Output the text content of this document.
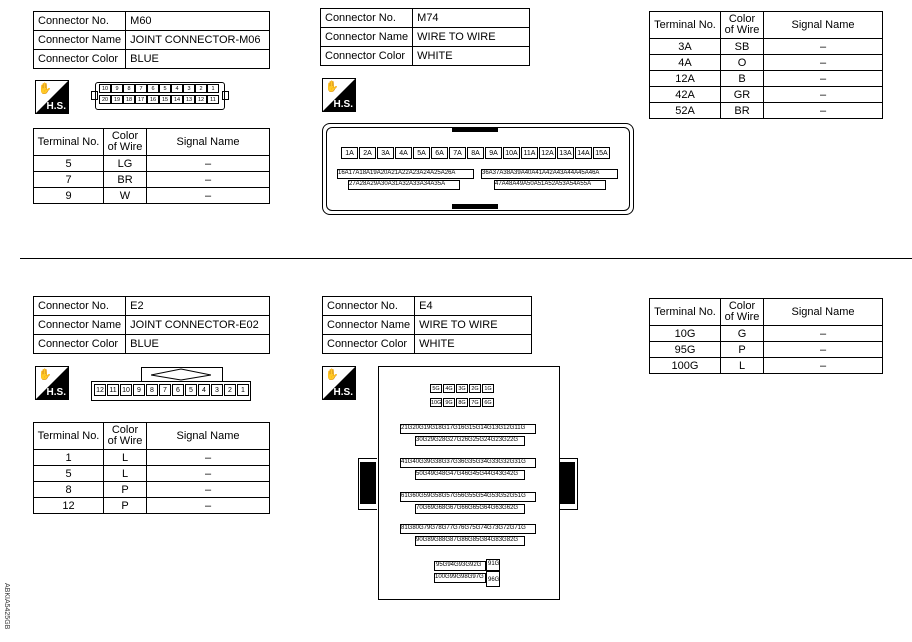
Connector No.	M60
Connector Name	JOINT CONNECTOR-M06
Connector Color	BLUE
✋
H.S.
10	9	8	7	6	5	4	3	2	1
20	19	18	17	16	15	14	13	12	11
Terminal No.	Color of Wire	Signal Name
5	LG	–
7	BR	–
9	W	–
Connector No.	M74
Connector Name	WIRE TO WIRE
Connector Color	WHITE
✋
H.S.
1A	2A	3A	4A	5A	6A	7A	8A	9A	10A 11A 12A 13A 14A 15A
16A17A18A19A20A21A22A23A24A25A26A	36A37A38A39A40A41A42A43A44A45A46A
27A28A29A30A31A32A33A34A35A	47A48A49A50A51A52A53A54A55A
Terminal No.	Color of Wire	Signal Name
3A	SB	–
4A	O	–
12A	B	–
42A	GR	–
52A	BR	–
Connector No.	E2
Connector Name	JOINT CONNECTOR-E02
Connector Color	BLUE
✋
H.S.	12 11 10	9	8	7	6	5	4	3	2	1
Terminal No.	Color of Wire	Signal Name
1	L	–
5	L	–
8	P	–
12	P	–
Connector No.	E4
Connector Name	WIRE TO WIRE
Connector Color	WHITE
✋
H.S.	5G	4G	3G	2G	1G
10G 9G	8G	7G	6G
21G20G19G18G17G16G15G14G13G12G11G
30G29G28G27G26G25G24G23G22G
41G40G39G38G37G36G35G34G33G32G31G
50G49G48G47G46G45G44G43G42G
61G60G59G58G57G56G55G54G53G52G51G
70G69G68G67G66G65G64G63G62G
81G80G79G78G77G76G75G74G73G72G71G
90G89G88G87G86G85G84G83G82G
95G94G93G92G 91G
100G99G98G97G 96G
Terminal No.	Color of Wire	Signal Name
10G	G	–
95G	P	–
100G	L	–
ABKIA5425GB
